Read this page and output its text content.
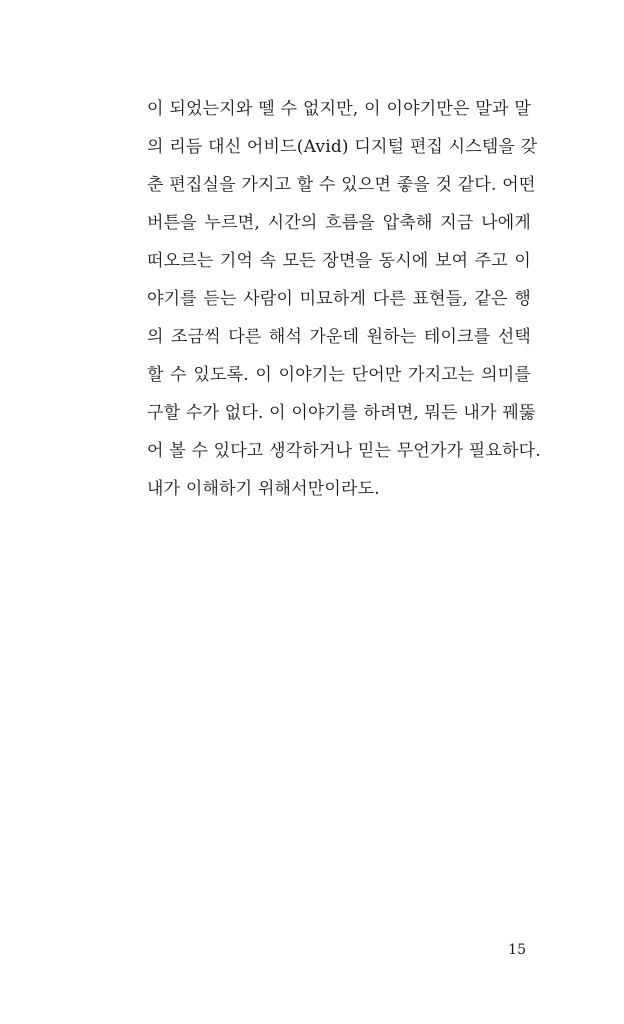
이 되었는지와 뗄 수 없지만, 이 이야기만은 말과 말
의 리듬 대신 어비드(Avid) 디지털 편집 시스템을 갖
춘 편집실을 가지고 할 수 있으면 좋을 것 같다. 어떤
버튼을 누르면, 시간의 흐름을 압축해 지금 나에게
떠오르는 기억 속 모든 장면을 동시에 보여 주고 이
야기를 듣는 사람이 미묘하게 다른 표현들, 같은 행
의 조금씩 다른 해석 가운데 원하는 테이크를 선택
할 수 있도록. 이 이야기는 단어만 가지고는 의미를
구할 수가 없다. 이 이야기를 하려면, 뭐든 내가 꿰뚫
어 볼 수 있다고 생각하거나 믿는 무언가가 필요하다.
내가 이해하기 위해서만이라도.
15
